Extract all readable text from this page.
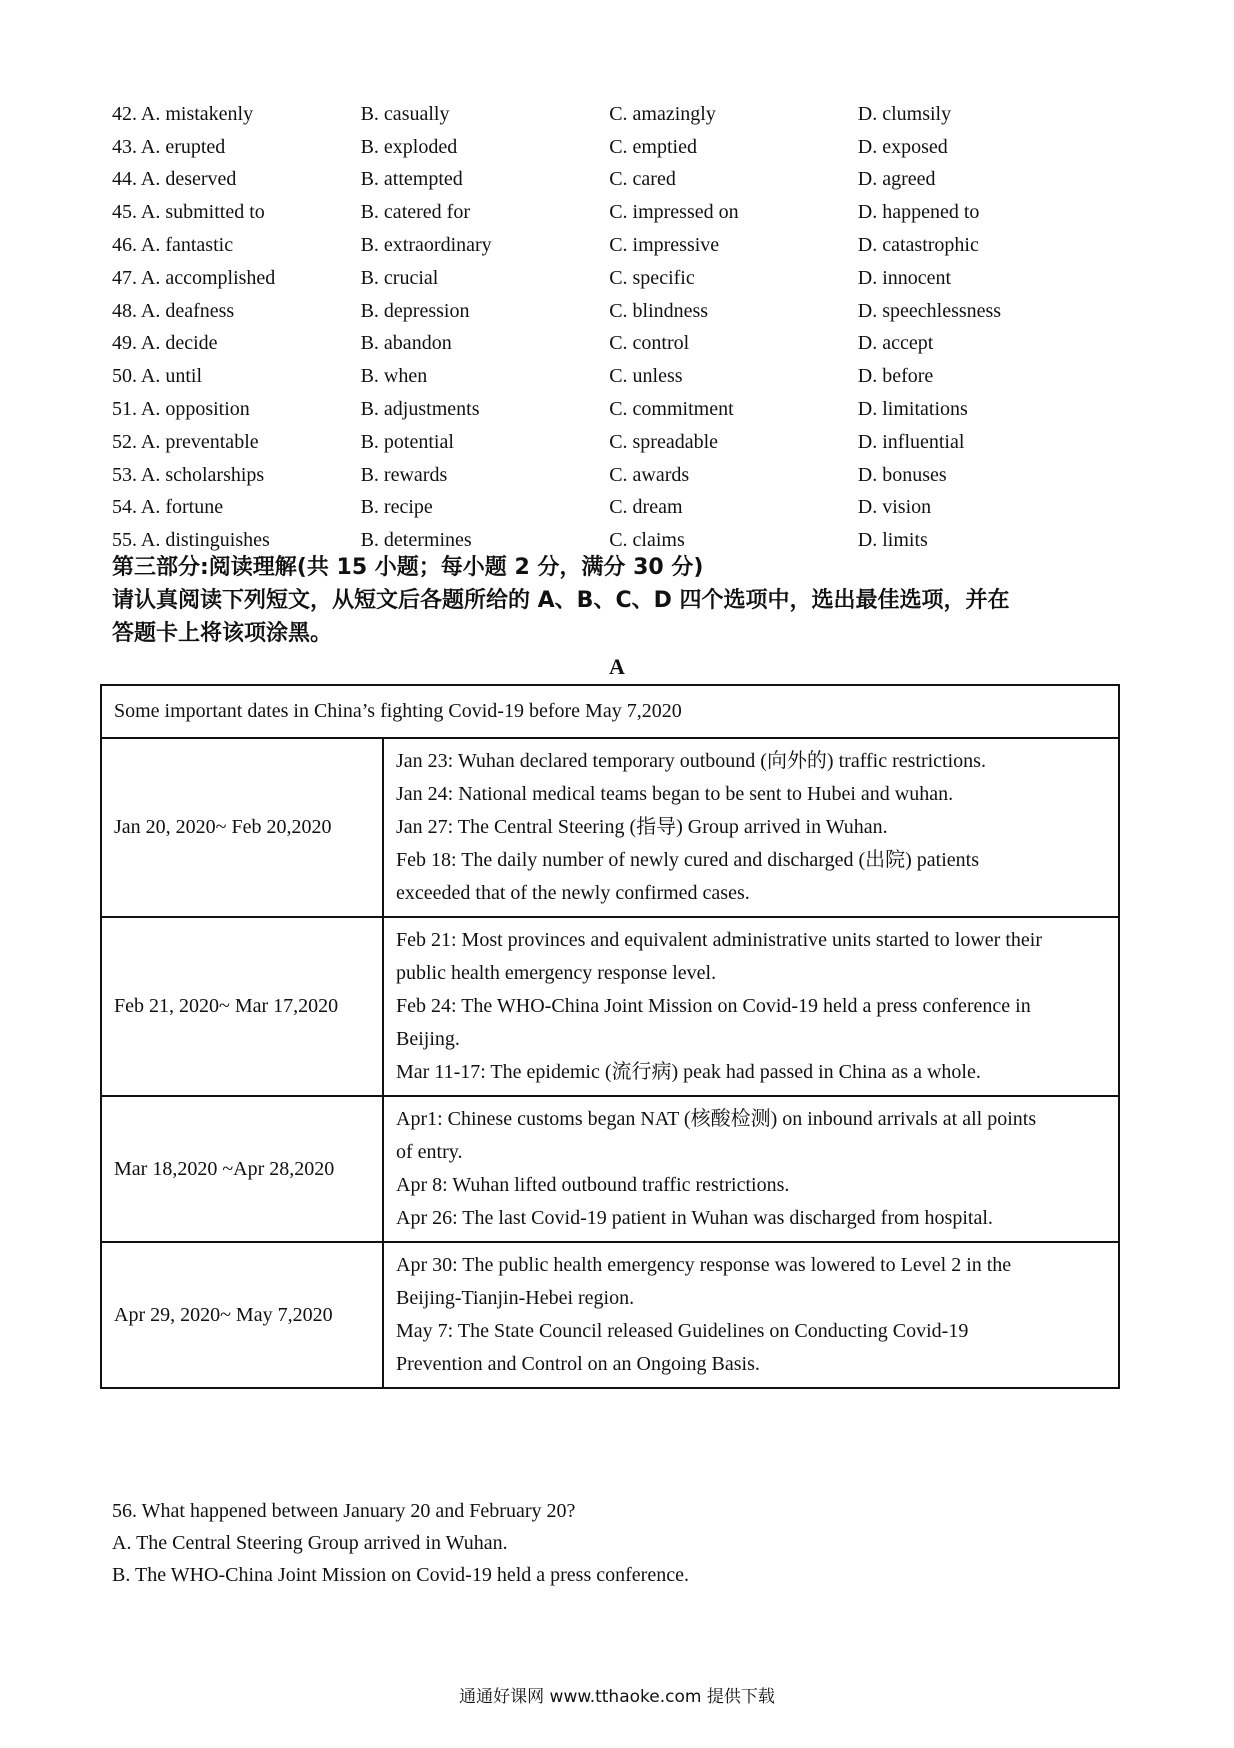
42. A. mistakenly	B. casually	C. amazingly	D. clumsily
43. A. erupted	B. exploded	C. emptied	D. exposed
44. A. deserved	B. attempted	C. cared	D. agreed
45. A. submitted to	B. catered for	C. impressed on	D. happened to
46. A. fantastic	B. extraordinary	C. impressive	D. catastrophic
47. A. accomplished	B. crucial	C. specific	D. innocent
48. A. deafness	B. depression	C. blindness	D. speechlessness
49. A. decide	B. abandon	C. control	D. accept
50. A. until	B. when	C. unless	D. before
51. A. opposition	B. adjustments	C. commitment	D. limitations
52. A. preventable	B. potential	C. spreadable	D. influential
53. A. scholarships	B. rewards	C. awards	D. bonuses
54. A. fortune	B. recipe	C. dream	D. vision
55. A. distinguishes	B. determines	C. claims	D. limits
第三部分:阅读理解(共 15 小题；每小题 2 分，满分 30 分)
请认真阅读下列短文，从短文后各题所给的 A、B、C、D 四个选项中，选出最佳选项，并在
答题卡上将该项涂黑。
A
Some important dates in China’s fighting Covid-19 before May 7,2020	
Jan 20, 2020~ Feb 20,2020	Jan 23: Wuhan declared temporary outbound (向外的) traffic restrictions.
Jan 24: National medical teams began to be sent to Hubei and wuhan.
Jan 27: The Central Steering (指导) Group arrived in Wuhan.
Feb 18: The daily number of newly cured and discharged (出院) patients
exceeded that of the newly confirmed cases.

Feb 21, 2020~ Mar 17,2020	Feb 21: Most provinces and equivalent administrative units started to lower their
public health emergency response level.
Feb 24: The WHO-China Joint Mission on Covid-19 held a press conference in
Beijing.
Mar 11-17: The epidemic (流行病) peak had passed in China as a whole.

Mar 18,2020 ~Apr 28,2020	Apr1: Chinese customs began NAT (核酸检测) on inbound arrivals at all points
of entry.
Apr 8: Wuhan lifted outbound traffic restrictions.
Apr 26: The last Covid-19 patient in Wuhan was discharged from hospital.

Apr 29, 2020~ May 7,2020	Apr 30: The public health emergency response was lowered to Level 2 in the
Beijing-Tianjin-Hebei region.
May 7: The State Council released Guidelines on Conducting Covid-19
Prevention and Control on an Ongoing Basis.
56. What happened between January 20 and February 20?
A. The Central Steering Group arrived in Wuhan.
B. The WHO-China Joint Mission on Covid-19 held a press conference.
通通好课网 www.tthaoke.com 提供下载
